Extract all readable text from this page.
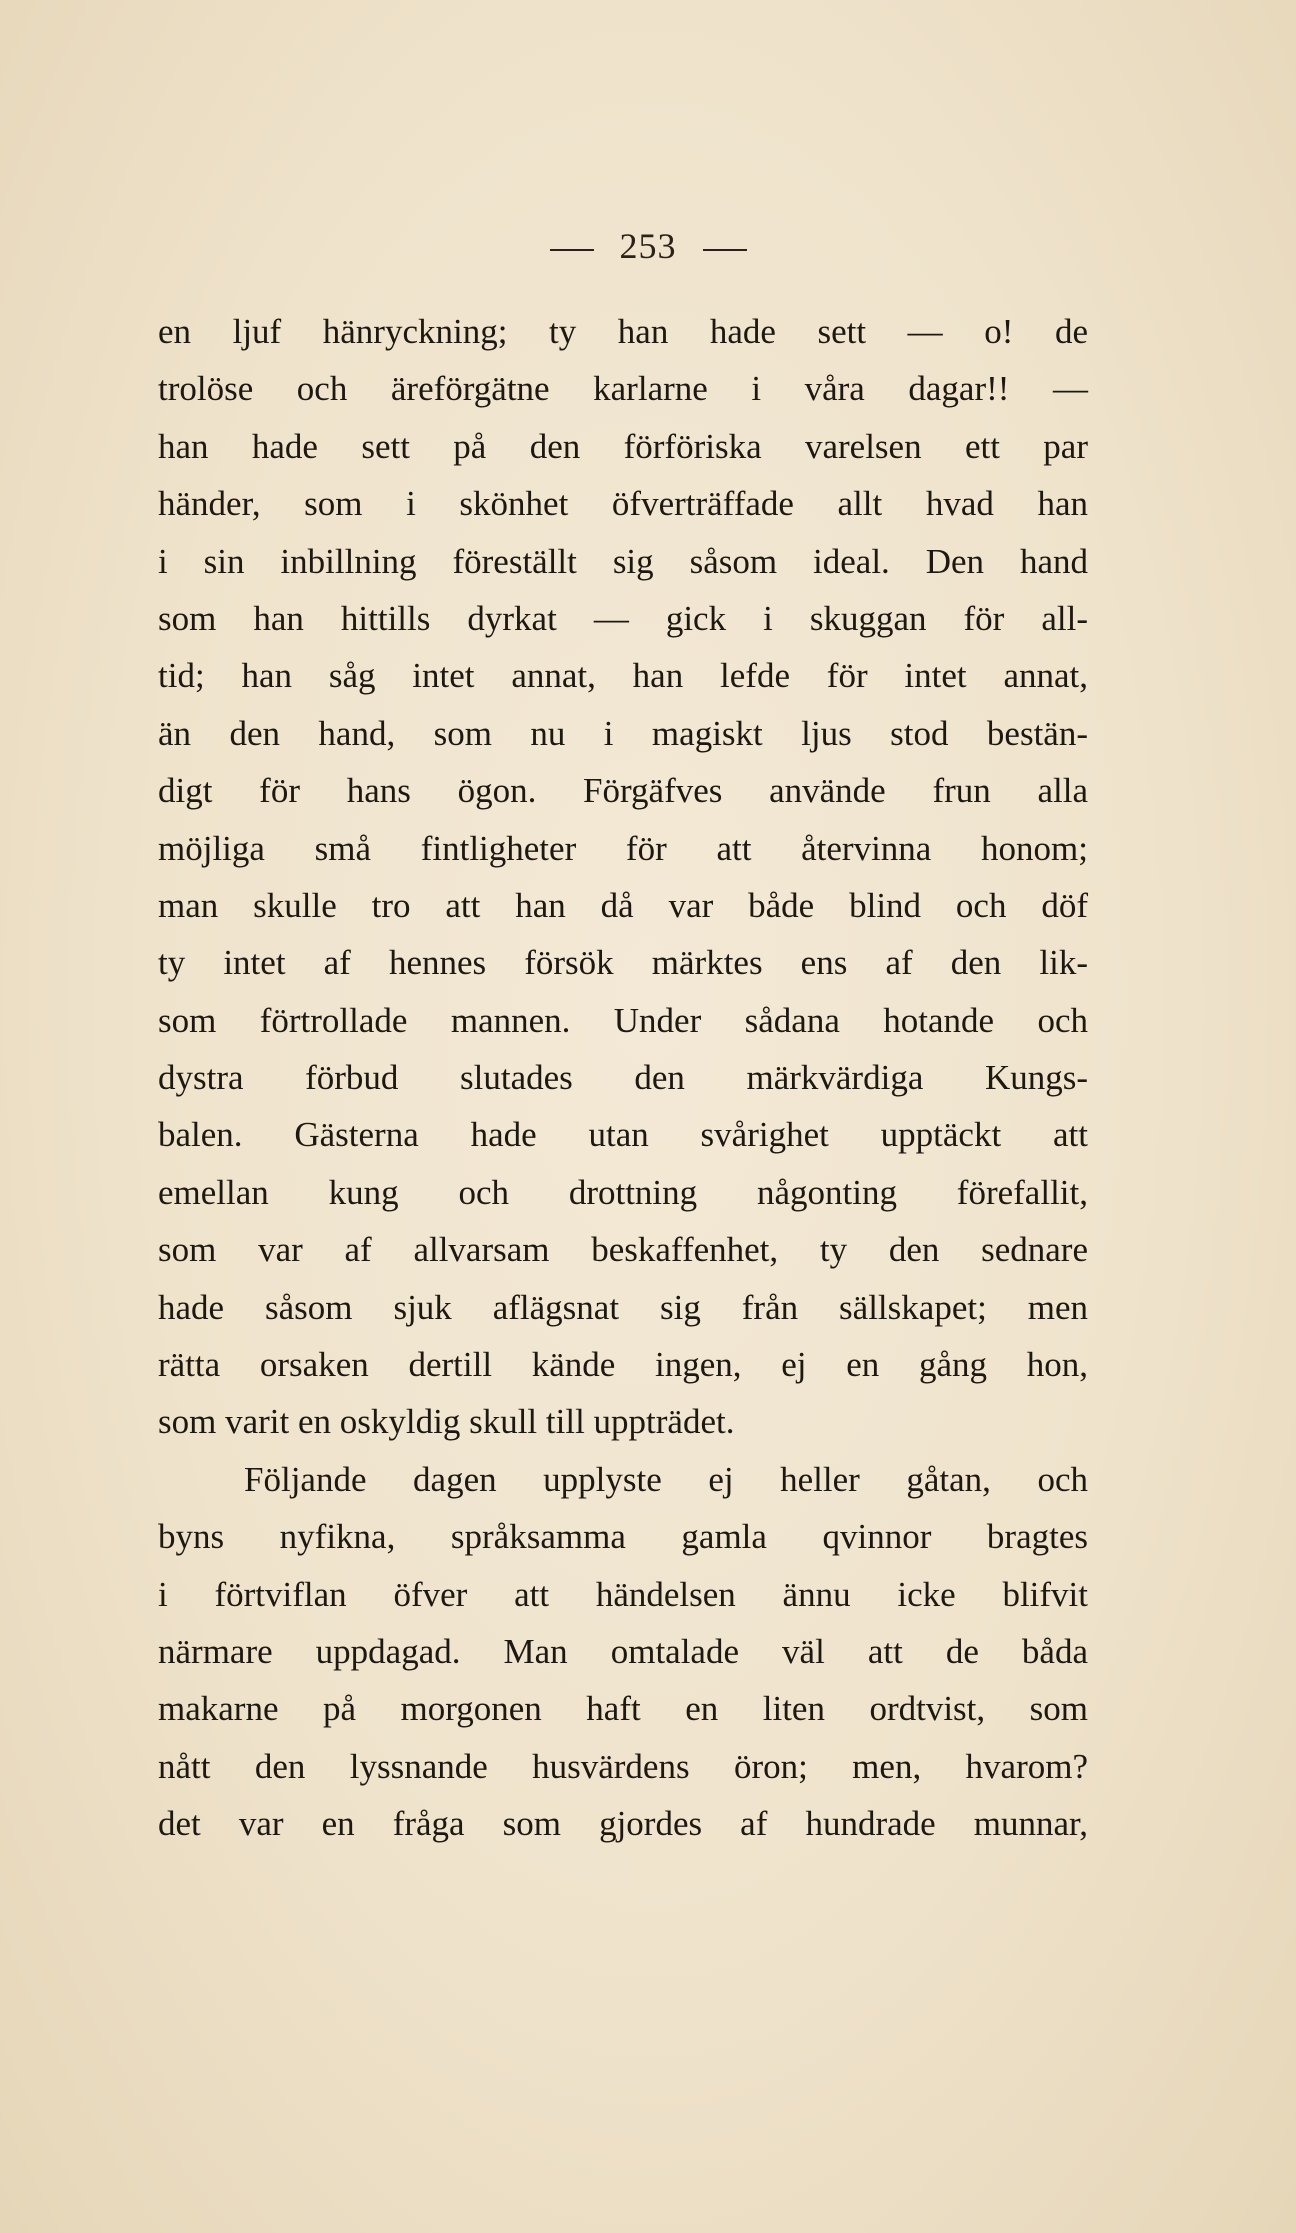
253
en ljuf hänryckning; ty han hade sett — o! de
trolöse och äreförgätne karlarne i våra dagar!! —
han hade sett på den förföriska varelsen ett par
händer, som i skönhet öfverträffade allt hvad han
i sin inbillning föreställt sig såsom ideal. Den hand
som han hittills dyrkat — gick i skuggan för all-
tid; han såg intet annat, han lefde för intet annat,
än den hand, som nu i magiskt ljus stod bestän-
digt för hans ögon. Förgäfves använde frun alla
möjliga små fintligheter för att återvinna honom;
man skulle tro att han då var både blind och döf
ty intet af hennes försök märktes ens af den lik-
som förtrollade mannen. Under sådana hotande och
dystra förbud slutades den märkvärdiga Kungs-
balen. Gästerna hade utan svårighet upptäckt att
emellan kung och drottning någonting förefallit,
som var af allvarsam beskaffenhet, ty den sednare
hade såsom sjuk aflägsnat sig från sällskapet; men
rätta orsaken dertill kände ingen, ej en gång hon,
som varit en oskyldig skull till uppträdet.
Följande dagen upplyste ej heller gåtan, och
byns nyfikna, språksamma gamla qvinnor bragtes
i förtviflan öfver att händelsen ännu icke blifvit
närmare uppdagad. Man omtalade väl att de båda
makarne på morgonen haft en liten ordtvist, som
nått den lyssnande husvärdens öron; men, hvarom?
det var en fråga som gjordes af hundrade munnar,
